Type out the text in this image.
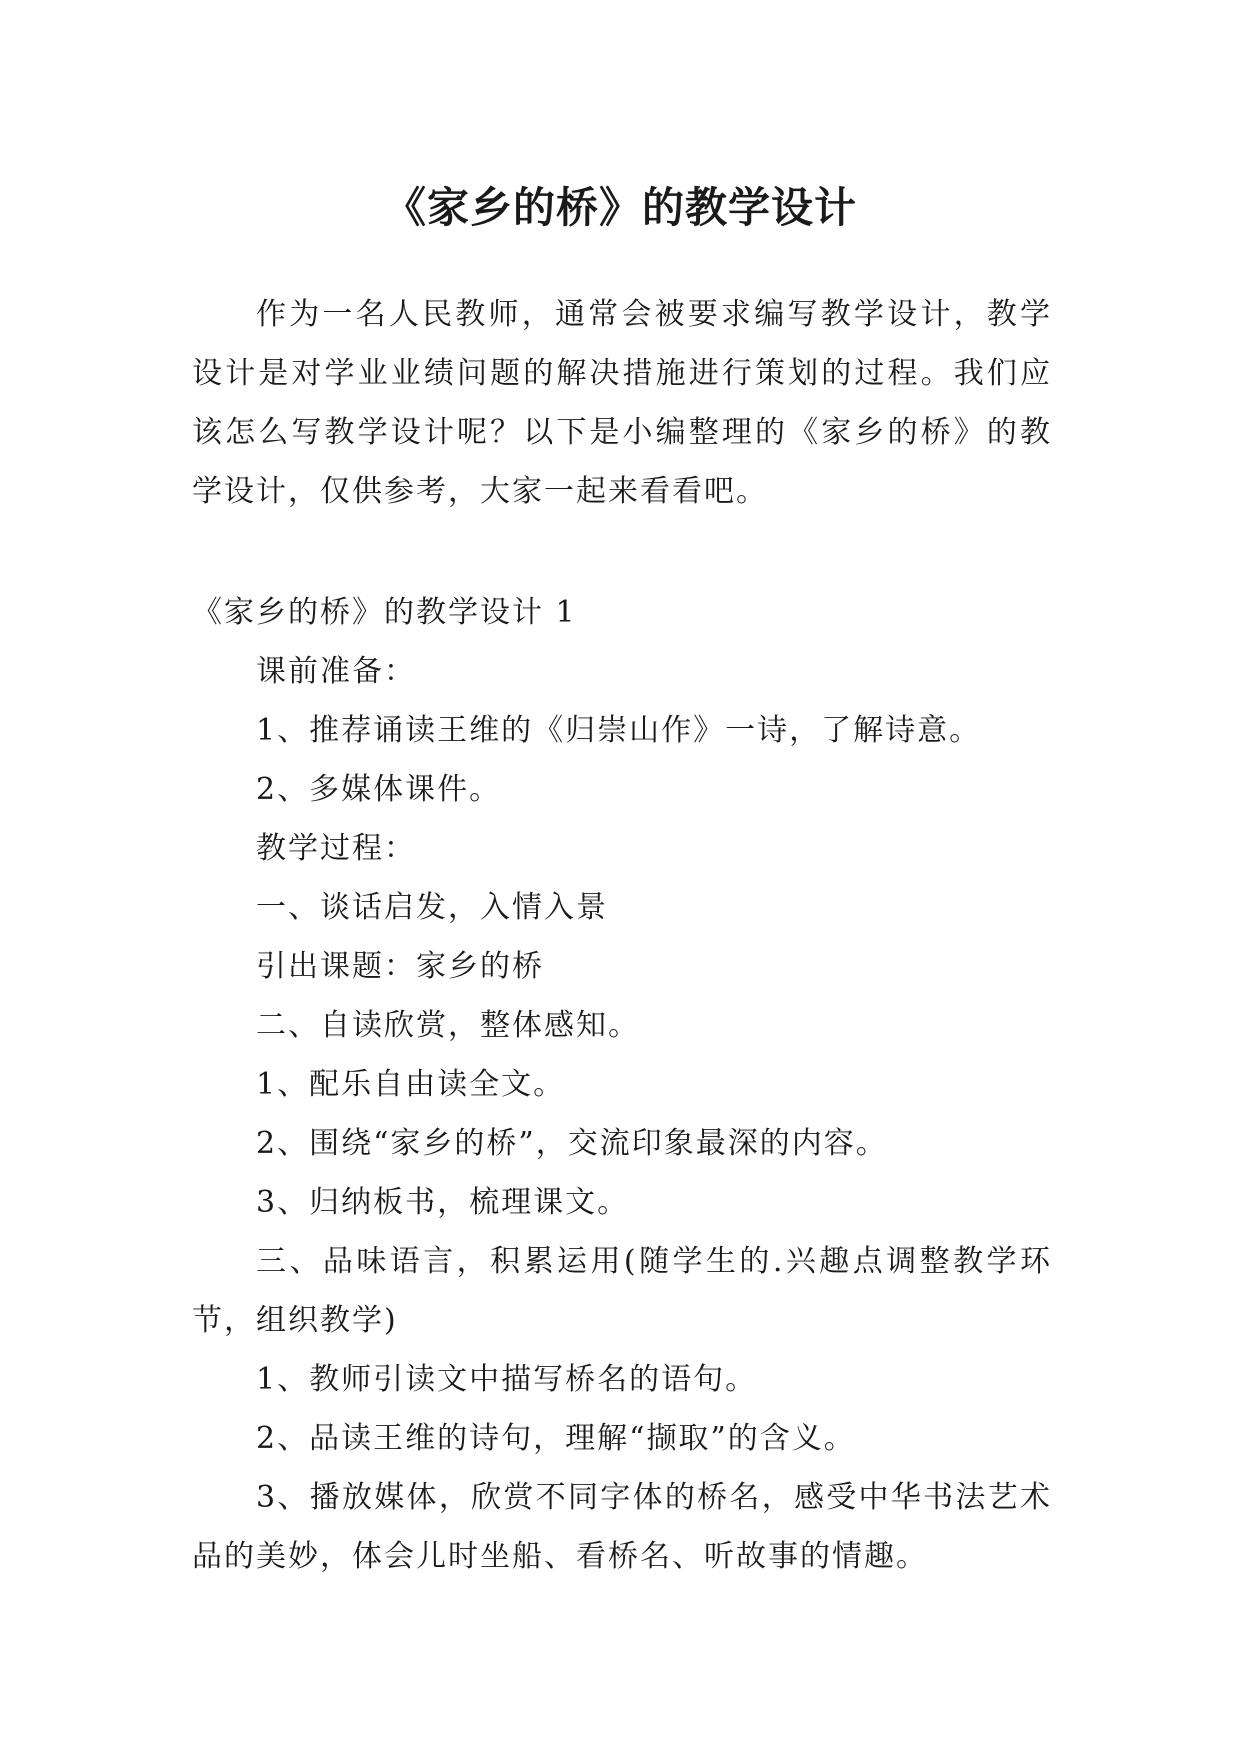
《家乡的桥》的教学设计

作为一名人民教师，通常会被要求编写教学设计，教学设计是对学业业绩问题的解决措施进行策划的过程。我们应该怎么写教学设计呢？以下是小编整理的《家乡的桥》的教学设计，仅供参考，大家一起来看看吧。

《家乡的桥》的教学设计 1

课前准备：

1、推荐诵读王维的《归崇山作》一诗，了解诗意。

2、多媒体课件。

教学过程：

一、谈话启发，入情入景

引出课题：家乡的桥

二、自读欣赏，整体感知。

1、配乐自由读全文。

2、围绕“家乡的桥”，交流印象最深的内容。

3、归纳板书，梳理课文。

三、品味语言，积累运用(随学生的.兴趣点调整教学环节，组织教学)

1、教师引读文中描写桥名的语句。

2、品读王维的诗句，理解“撷取”的含义。

3、播放媒体，欣赏不同字体的桥名，感受中华书法艺术品的美妙，体会儿时坐船、看桥名、听故事的情趣。
